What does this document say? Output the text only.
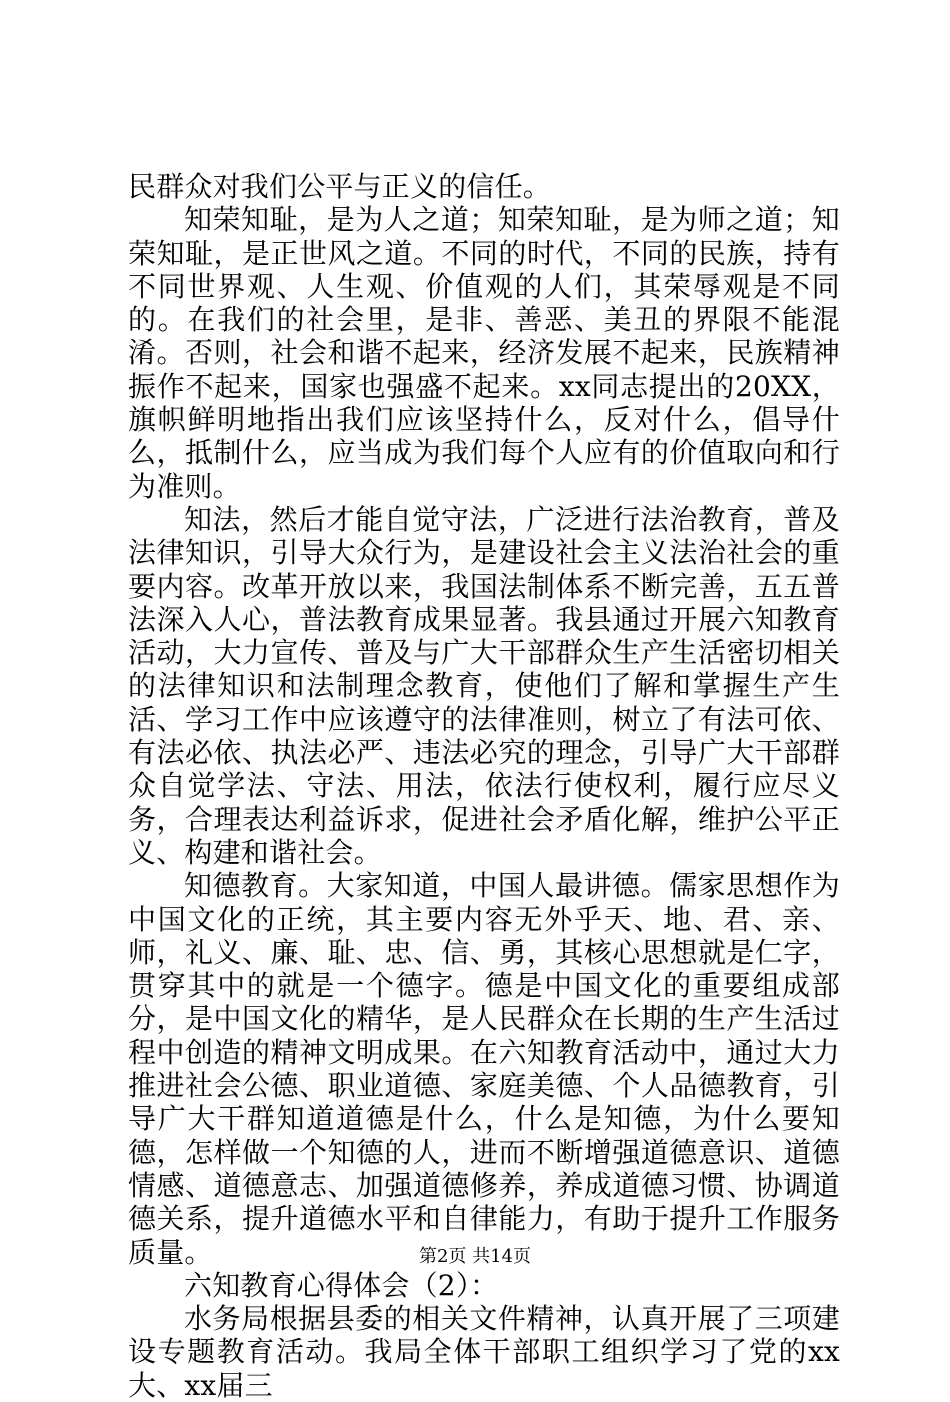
民群众对我们公平与正义的信任。

知荣知耻，是为人之道；知荣知耻，是为师之道；知荣知耻，是正世风之道。不同的时代，不同的民族，持有不同世界观、人生观、价值观的人们，其荣辱观是不同的。在我们的社会里，是非、善恶、美丑的界限不能混淆。否则，社会和谐不起来，经济发展不起来，民族精神振作不起来，国家也强盛不起来。xx同志提出的20XX，旗帜鲜明地指出我们应该坚持什么，反对什么，倡导什么，抵制什么，应当成为我们每个人应有的价值取向和行为准则。

知法，然后才能自觉守法，广泛进行法治教育，普及法律知识，引导大众行为，是建设社会主义法治社会的重要内容。改革开放以来，我国法制体系不断完善，五五普法深入人心，普法教育成果显著。我县通过开展六知教育活动，大力宣传、普及与广大干部群众生产生活密切相关的法律知识和法制理念教育，使他们了解和掌握生产生活、学习工作中应该遵守的法律准则，树立了有法可依、有法必依、执法必严、违法必究的理念，引导广大干部群众自觉学法、守法、用法，依法行使权利，履行应尽义务，合理表达利益诉求，促进社会矛盾化解，维护公平正义、构建和谐社会。

知德教育。大家知道，中国人最讲德。儒家思想作为中国文化的正统，其主要内容无外乎天、地、君、亲、师，礼义、廉、耻、忠、信、勇，其核心思想就是仁字，贯穿其中的就是一个德字。德是中国文化的重要组成部分，是中国文化的精华，是人民群众在长期的生产生活过程中创造的精神文明成果。在六知教育活动中，通过大力推进社会公德、职业道德、家庭美德、个人品德教育，引导广大干群知道道德是什么，什么是知德，为什么要知德，怎样做一个知德的人，进而不断增强道德意识、道德情感、道德意志、加强道德修养，养成道德习惯、协调道德关系，提升道德水平和自律能力，有助于提升工作服务质量。

六知教育心得体会（2）：

水务局根据县委的相关文件精神，认真开展了三项建设专题教育活动。我局全体干部职工组织学习了党的xx大、xx届三

第2页 共14页
